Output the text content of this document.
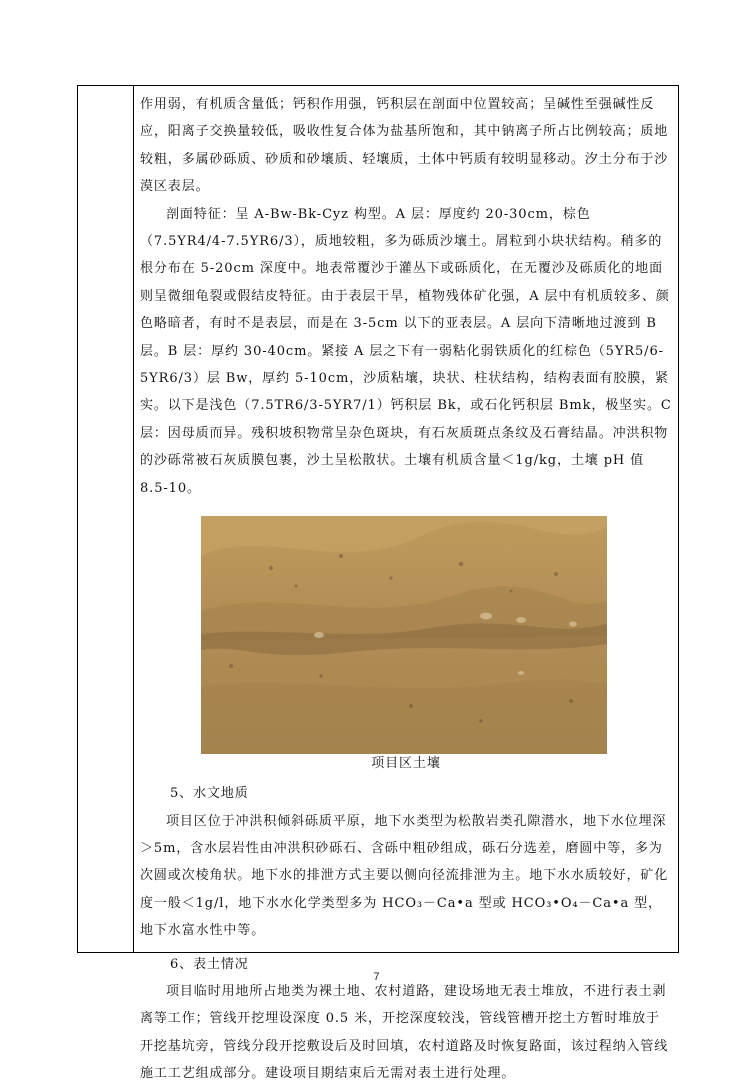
作用弱，有机质含量低；钙积作用强，钙积层在剖面中位置较高；呈碱性至强碱性反应，阳离子交换量较低，吸收性复合体为盐基所饱和，其中钠离子所占比例较高；质地较粗，多属砂砾质、砂质和砂壤质、轻壤质，土体中钙质有较明显移动。汐土分布于沙漠区表层。

剖面特征：呈 A-Bw-Bk-Cyz 构型。A 层：厚度约 20-30cm，棕色（7.5YR4/4-7.5YR6/3），质地较粗，多为砾质沙壤土。屑粒到小块状结构。稍多的根分布在 5-20cm 深度中。地表常覆沙于灌丛下或砾质化，在无覆沙及砾质化的地面则呈微细龟裂或假结皮特征。由于表层干旱，植物残体矿化强，A 层中有机质较多、颜色略暗者，有时不是表层，而是在 3-5cm 以下的亚表层。A 层向下清晰地过渡到 B 层。B 层：厚约 30-40cm。紧接 A 层之下有一弱粘化弱铁质化的红棕色（5YR5/6-5YR6/3）层 Bw，厚约 5-10cm，沙质粘壤，块状、柱状结构，结构表面有胶膜，紧实。以下是浅色（7.5TR6/3-5YR7/1）钙积层 Bk，或石化钙积层 Bmk，极坚实。C 层：因母质而异。残积坡积物常呈杂色斑块，有石灰质斑点条纹及石膏结晶。冲洪积物的沙砾常被石灰质膜包裹，沙土呈松散状。土壤有机质含量＜1g/kg，土壤 pH 值 8.5-10。

项目区土壤

5、水文地质

项目区位于冲洪积倾斜砾质平原，地下水类型为松散岩类孔隙潜水，地下水位埋深＞5m，含水层岩性由冲洪积砂砾石、含砾中粗砂组成，砾石分选差，磨圆中等，多为次圆或次棱角状。地下水的排泄方式主要以侧向径流排泄为主。地下水水质较好，矿化度一般＜1g/l，地下水水化学类型多为 HCO₃－Ca•a 型或 HCO₃•O₄－Ca•a 型，地下水富水性中等。

6、表土情况

项目临时用地所占地类为裸土地、农村道路，建设场地无表土堆放，不进行表土剥离等工作；管线开挖埋设深度 0.5 米，开挖深度较浅，管线管槽开挖土方暂时堆放于开挖基坑旁，管线分段开挖敷设后及时回填，农村道路及时恢复路面，该过程纳入管线施工工艺组成部分。建设项目期结束后无需对表土进行处理。

7
